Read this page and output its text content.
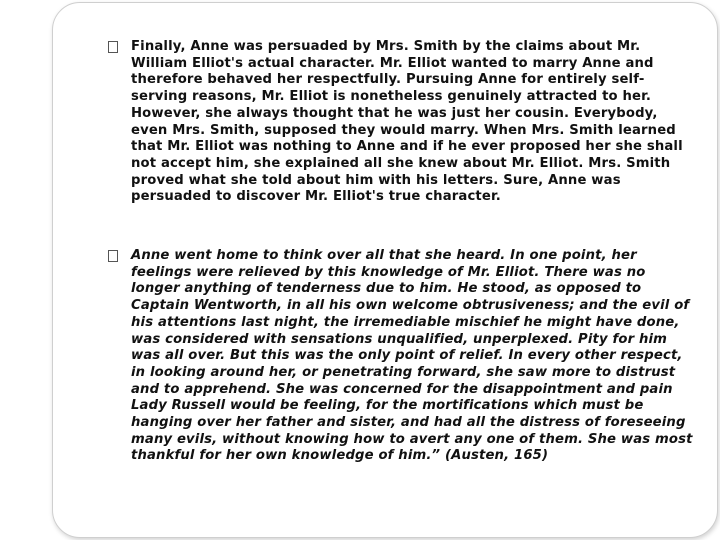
Finally, Anne was persuaded by Mrs. Smith by the claims about Mr. William Elliot's actual character. Mr. Elliot wanted to marry Anne and therefore behaved her respectfully. Pursuing Anne for entirely self-serving reasons, Mr. Elliot is nonetheless genuinely attracted to her. However, she always thought that he was just her cousin. Everybody, even Mrs. Smith, supposed they would marry. When Mrs. Smith learned that Mr. Elliot was nothing to Anne and if he ever proposed her she shall not accept him, she explained all she knew about Mr. Elliot. Mrs. Smith proved what she told about him with his letters. Sure, Anne was persuaded to discover Mr. Elliot's true character.

Anne went home to think over all that she heard. In one point, her feelings were relieved by this knowledge of Mr. Elliot. There was no longer anything of tenderness due to him. He stood, as opposed to Captain Wentworth, in all his own welcome obtrusiveness; and the evil of his attentions last night, the irremediable mischief he might have done, was considered with sensations unqualified, unperplexed. Pity for him was all over. But this was the only point of relief. In every other respect, in looking around her, or penetrating forward, she saw more to distrust and to apprehend. She was concerned for the disappointment and pain Lady Russell would be feeling, for the mortifications which must be hanging over her father and sister, and had all the distress of foreseeing many evils, without knowing how to avert any one of them. She was most thankful for her own knowledge of him.” (Austen, 165)
